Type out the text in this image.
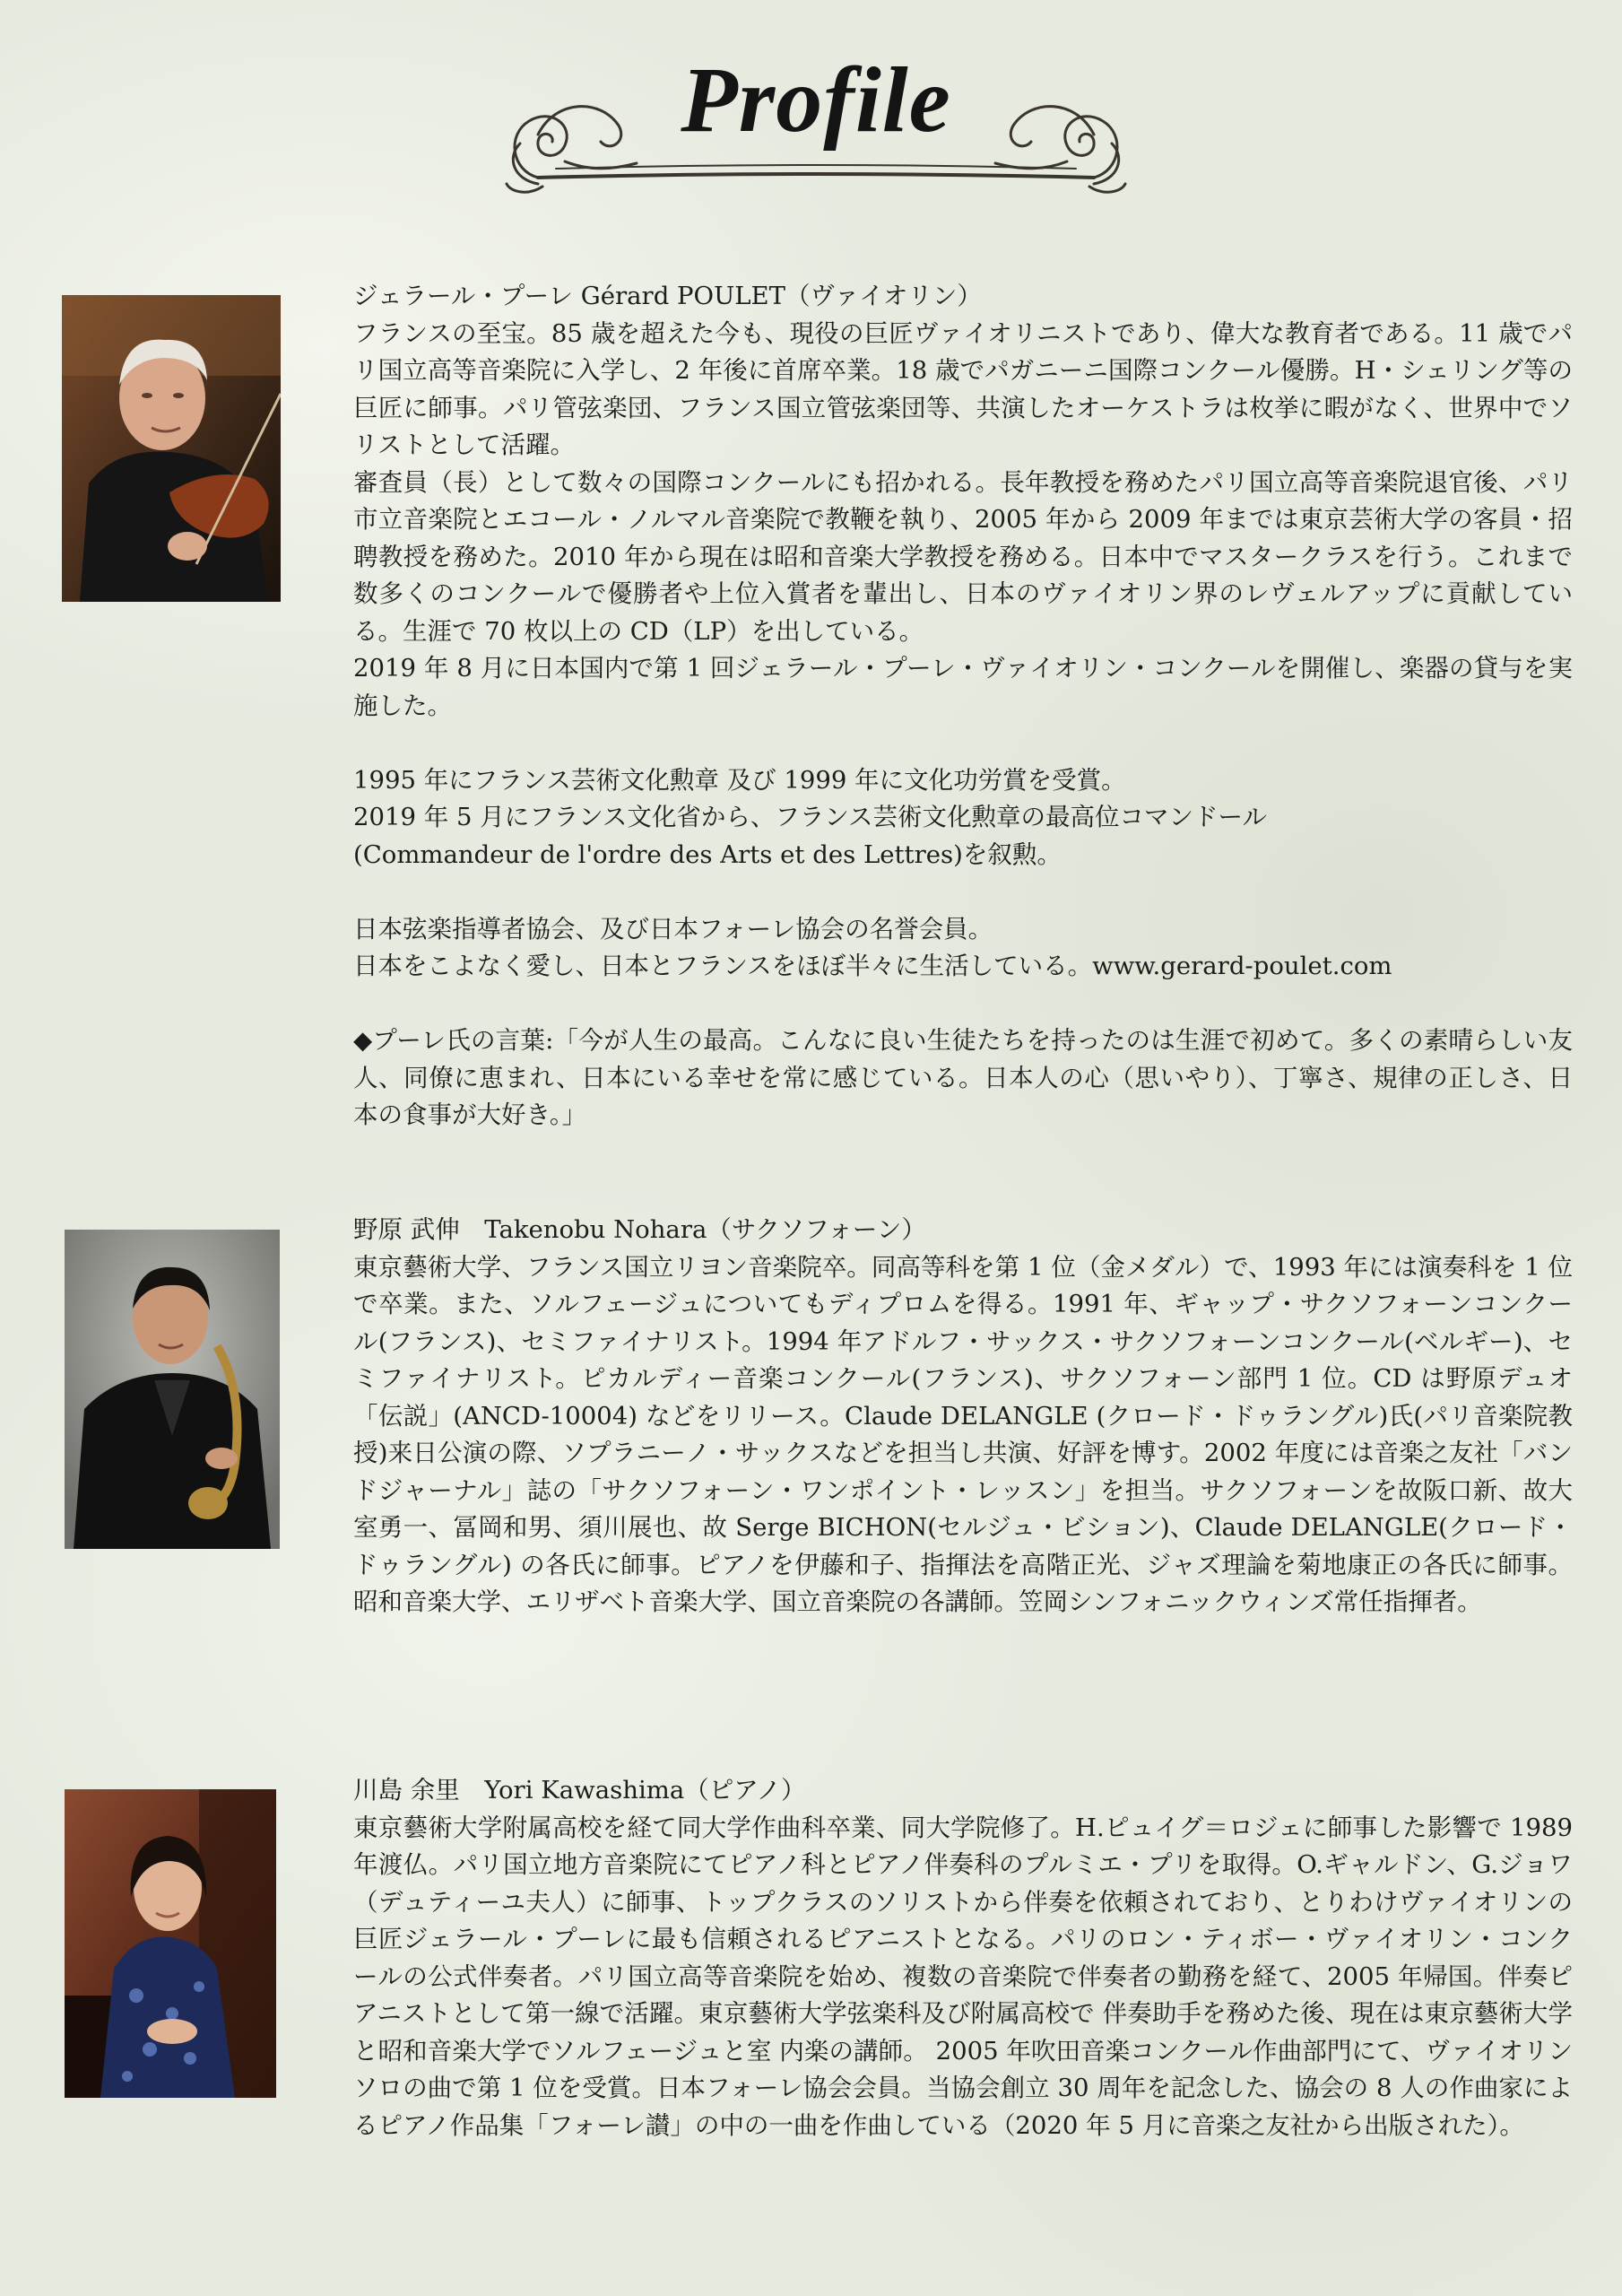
Profile

ジェラール・プーレ Gérard POULET（ヴァイオリン）

フランスの至宝。85 歳を超えた今も、現役の巨匠ヴァイオリニストであり、偉大な教育者である。11 歳でパリ国立高等音楽院に入学し、2 年後に首席卒業。18 歳でパガニーニ国際コンクール優勝。H・シェリング等の巨匠に師事。パリ管弦楽団、フランス国立管弦楽団等、共演したオーケストラは枚挙に暇がなく、世界中でソリストとして活躍。

審査員（長）として数々の国際コンクールにも招かれる。長年教授を務めたパリ国立高等音楽院退官後、パリ市立音楽院とエコール・ノルマル音楽院で教鞭を執り、2005 年から 2009 年までは東京芸術大学の客員・招聘教授を務めた。2010 年から現在は昭和音楽大学教授を務める。日本中でマスタークラスを行う。これまで数多くのコンクールで優勝者や上位入賞者を輩出し、日本のヴァイオリン界のレヴェルアップに貢献している。生涯で 70 枚以上の CD（LP）を出している。

2019 年 8 月に日本国内で第 1 回ジェラール・プーレ・ヴァイオリン・コンクールを開催し、楽器の貸与を実施した。

1995 年にフランス芸術文化勲章 及び 1999 年に文化功労賞を受賞。

2019 年 5 月にフランス文化省から、フランス芸術文化勲章の最高位コマンドール

(Commandeur de l'ordre des Arts et des Lettres)を叙勲。

日本弦楽指導者協会、及び日本フォーレ協会の名誉会員。

日本をこよなく愛し、日本とフランスをほぼ半々に生活している。www.gerard-poulet.com

◆プーレ氏の言葉:「今が人生の最高。こんなに良い生徒たちを持ったのは生涯で初めて。多くの素晴らしい友人、同僚に恵まれ、日本にいる幸せを常に感じている。日本人の心（思いやり）、丁寧さ、規律の正しさ、日本の食事が大好き。」

野原 武伸　Takenobu Nohara（サクソフォーン）

東京藝術大学、フランス国立リヨン音楽院卒。同高等科を第 1 位（金メダル）で、1993 年には演奏科を 1 位で卒業。また、ソルフェージュについてもディプロムを得る。1991 年、ギャップ・サクソフォーンコンクール(フランス)、セミファイナリスト。1994 年アドルフ・サックス・サクソフォーンコンクール(ベルギー)、セミファイナリスト。ピカルディー音楽コンクール(フランス)、サクソフォーン部門 1 位。CD は野原デュオ「伝説」(ANCD-10004) などをリリース。Claude DELANGLE (クロード・ドゥラングル)氏(パリ音楽院教授)来日公演の際、ソプラニーノ・サックスなどを担当し共演、好評を博す。2002 年度には音楽之友社「バンドジャーナル」誌の「サクソフォーン・ワンポイント・レッスン」を担当。サクソフォーンを故阪口新、故大室勇一、冨岡和男、須川展也、故 Serge BICHON(セルジュ・ビション)、Claude DELANGLE(クロード・ドゥラングル) の各氏に師事。ピアノを伊藤和子、指揮法を高階正光、ジャズ理論を菊地康正の各氏に師事。昭和音楽大学、エリザベト音楽大学、国立音楽院の各講師。笠岡シンフォニックウィンズ常任指揮者。

川島 余里　Yori Kawashima（ピアノ）

東京藝術大学附属高校を経て同大学作曲科卒業、同大学院修了。H.ピュイグ＝ロジェに師事した影響で 1989 年渡仏。パリ国立地方音楽院にてピアノ科とピアノ伴奏科のプルミエ・プリを取得。O.ギャルドン、G.ジョワ（デュティーユ夫人）に師事、トップクラスのソリストから伴奏を依頼されており、とりわけヴァイオリンの巨匠ジェラール・プーレに最も信頼されるピアニストとなる。パリのロン・ティボー・ヴァイオリン・コンクールの公式伴奏者。パリ国立高等音楽院を始め、複数の音楽院で伴奏者の勤務を経て、2005 年帰国。伴奏ピアニストとして第一線で活躍。東京藝術大学弦楽科及び附属高校で 伴奏助手を務めた後、現在は東京藝術大学と昭和音楽大学でソルフェージュと室 内楽の講師。 2005 年吹田音楽コンクール作曲部門にて、ヴァイオリンソロの曲で第 1 位を受賞。日本フォーレ協会会員。当協会創立 30 周年を記念した、協会の 8 人の作曲家によるピアノ作品集「フォーレ讃」の中の一曲を作曲している（2020 年 5 月に音楽之友社から出版された）。
